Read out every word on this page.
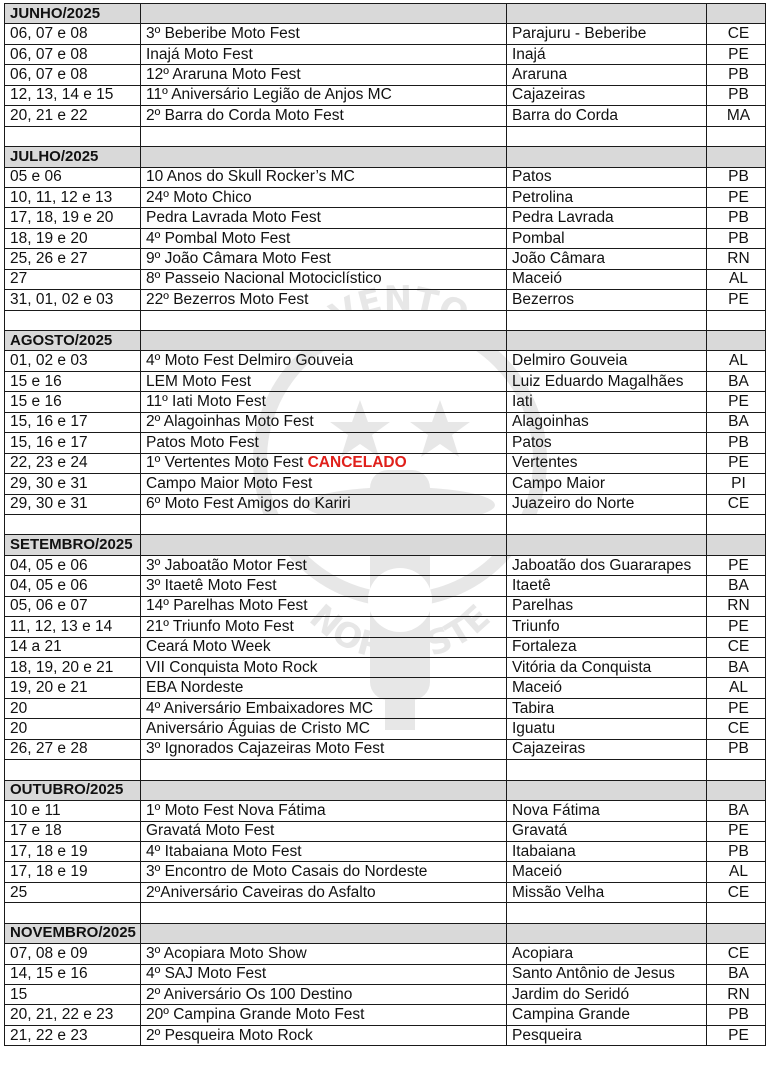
ENT
NORDESTE
JUNHO/2025			
06, 07 e 08	3º Beberibe Moto Fest	Parajuru - Beberibe	CE
06, 07 e 08	Inajá Moto Fest	Inajá	PE
06, 07 e 08	12º Araruna Moto Fest	Araruna	PB
12, 13, 14 e 15	11º Aniversário Legião de Anjos MC	Cajazeiras	PB
20, 21 e 22	2º Barra do Corda Moto Fest	Barra do Corda	MA

JULHO/2025			
05 e 06	10 Anos do Skull Rocker’s MC	Patos	PB
10, 11, 12 e 13	24º Moto Chico	Petrolina	PE
17, 18, 19 e 20	Pedra Lavrada Moto Fest	Pedra Lavrada	PB
18, 19 e 20	4º Pombal Moto Fest	Pombal	PB
25, 26 e 27	9º João Câmara Moto Fest	João Câmara	RN
27	8º Passeio Nacional Motociclístico	Maceió	AL
31, 01, 02 e 03	22º Bezerros Moto Fest	Bezerros	PE

AGOSTO/2025			
01, 02 e 03	4º Moto Fest Delmiro Gouveia	Delmiro Gouveia	AL
15 e 16	LEM Moto Fest	Luiz Eduardo Magalhães	BA
15 e 16	11º Iati Moto Fest	Iati	PE
15, 16 e 17	2º Alagoinhas Moto Fest	Alagoinhas	BA
15, 16 e 17	Patos Moto Fest	Patos	PB
22, 23 e 24	1º Vertentes Moto Fest CANCELADO	Vertentes	PE
29, 30 e 31	Campo Maior Moto Fest	Campo Maior	PI
29, 30 e 31	6º Moto Fest Amigos do Kariri	Juazeiro do Norte	CE

SETEMBRO/2025			
04, 05 e 06	3º Jaboatão Motor Fest	Jaboatão dos Guararapes	PE
04, 05 e 06	3º Itaetê Moto Fest	Itaetê	BA
05, 06 e 07	14º Parelhas Moto Fest	Parelhas	RN
11, 12, 13 e 14	21º Triunfo Moto Fest	Triunfo	PE
14 a 21	Ceará Moto Week	Fortaleza	CE
18, 19, 20 e 21	VII Conquista Moto Rock	Vitória da Conquista	BA
19, 20 e 21	EBA Nordeste	Maceió	AL
20	4º Aniversário Embaixadores MC	Tabira	PE
20	Aniversário Águias de Cristo MC	Iguatu	CE
26, 27 e 28	3º Ignorados Cajazeiras Moto Fest	Cajazeiras	PB

OUTUBRO/2025			
10 e 11	1º Moto Fest Nova Fátima	Nova Fátima	BA
17 e 18	Gravatá Moto Fest	Gravatá	PE
17, 18 e 19	4º Itabaiana Moto Fest	Itabaiana	PB
17, 18 e 19	3º Encontro de Moto Casais do Nordeste	Maceió	AL
25	2ºAniversário Caveiras do Asfalto	Missão Velha	CE

NOVEMBRO/2025			
07, 08 e 09	3º Acopiara Moto Show	Acopiara	CE
14, 15 e 16	4º SAJ Moto Fest	Santo Antônio de Jesus	BA
15	2º Aniversário Os 100 Destino	Jardim do Seridó	RN
20, 21, 22 e 23	20º Campina Grande Moto Fest	Campina Grande	PB
21, 22 e 23	2º Pesqueira Moto Rock	Pesqueira	PE
